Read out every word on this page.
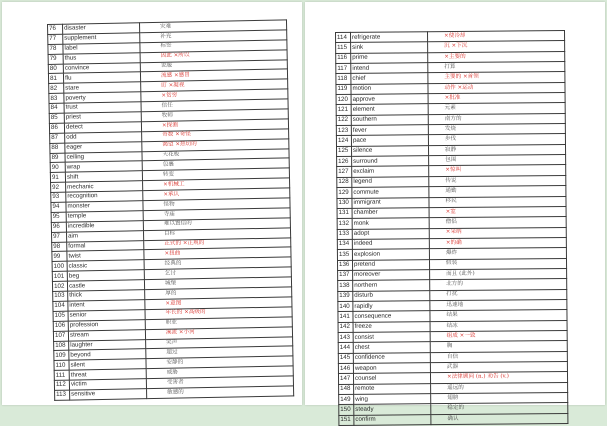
76	disaster	灾难
77	supplement	补充
78	label	标签
79	thus	因此 ×所以
80	convince	说服
81	flu	流感 ×感冒
82	stare	盯 ×凝视
83	poverty	×贫穷
84	trust	信任
85	priest	牧师
86	detect	×探测
87	odd	奇数 ×奇怪
88	eager	渴望 ×热切的
89	ceiling	天花板
90	wrap	包裹
91	shift	转变
92	mechanic	×机械工
93	recognition	×承认
94	monster	怪物
95	temple	寺庙
96	incredible	难以置信的
97	aim	目标
98	formal	正式的 ×正规的
99	twist	×扭曲
100	classic	经典的
101	beg	乞讨
102	castle	城堡
103	thick	厚的
104	intent	×意图
105	senior	年长的 ×高级的
106	profession	职业
107	stream	溪流 ×小河
108	laughter	笑声
109	beyond	超过
110	silent	安静的
111	threat	威胁
112	victim	受害者
113	sensitive	敏感的
114	refrigerate	×使冷却
115	sink	沉 ×下沉
116	prime	×主要的
117	intend	打算
118	chief	主要的 ×首领
119	motion	动作 ×运动
120	approve	×批准
121	element	元素
122	southern	南方的
123	fever	发烧
124	pace	步伐
125	silence	寂静
126	surround	包围
127	exclaim	×惊叫
128	legend	传说
129	commute	通勤
130	immigrant	移民
131	chamber	×室
132	monk	僧侣
133	adopt	×采纳
134	indeed	×的确
135	explosion	爆炸
136	pretend	假装
137	moreover	而且 (此外)
138	northern	北方的
139	disturb	打扰
140	rapidly	迅速地
141	consequence	结果
142	freeze	结冰
143	consist	组成 ×一致
144	chest	胸
145	confidence	自信
146	weapon	武器
147	counsel	×法律顾问 (n.) 劝告 (v.)
148	remote	遥远的
149	wing	翅膀
150	steady	稳定的
151	confirm	确认
